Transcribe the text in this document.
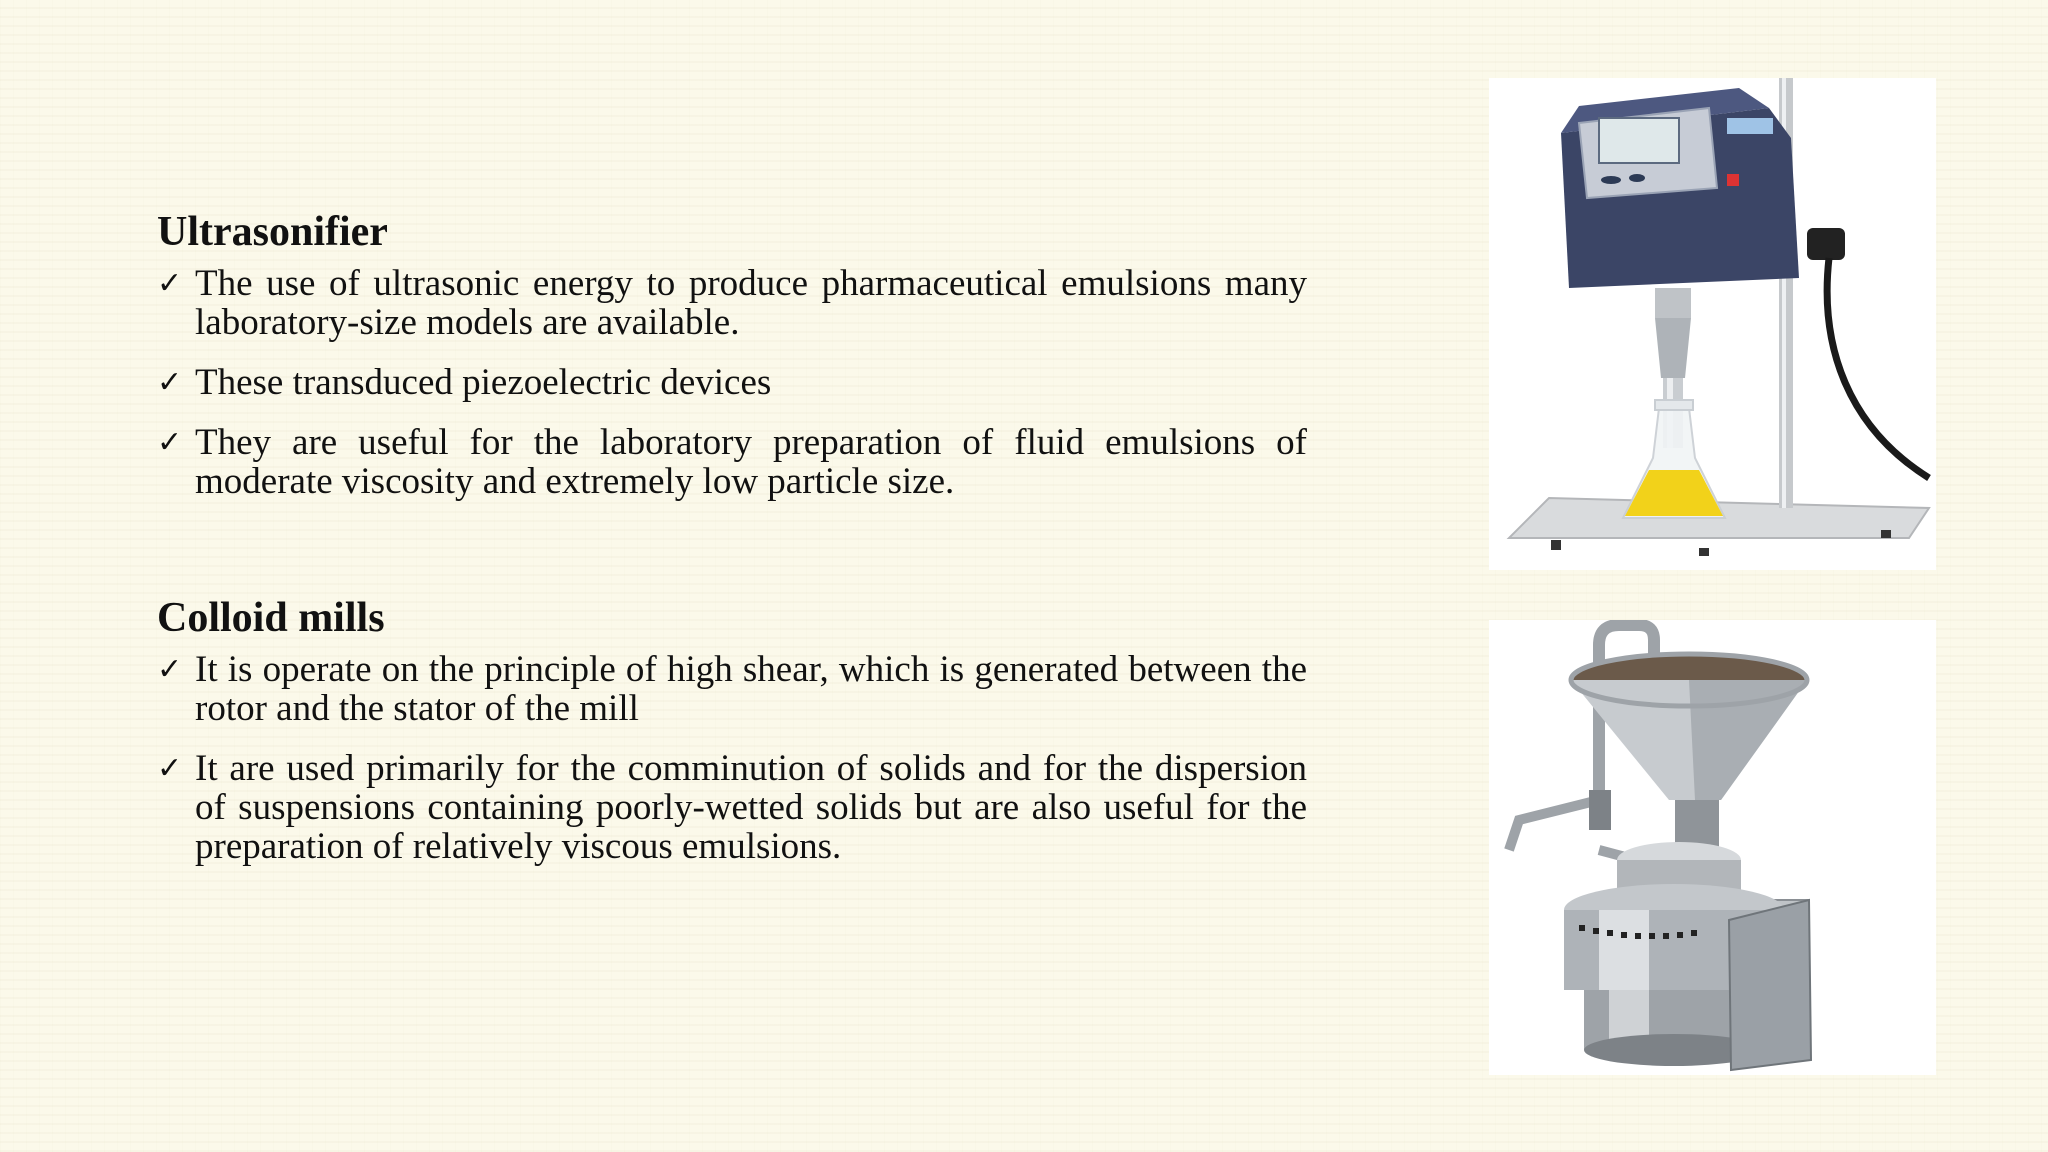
Ultrasonifier
✓ The use of ultrasonic energy to produce pharmaceutical emulsions many laboratory-size models are available.
✓ These transduced piezoelectric devices
✓ They are useful for the laboratory preparation of fluid emulsions of moderate viscosity and extremely low particle size.
Colloid mills
✓ It is operate on the principle of high shear, which is generated between the rotor and the stator of the mill
✓ It are used primarily for the comminution of solids and for the dispersion of suspensions containing poorly-wetted solids but are also useful for the preparation of relatively viscous emulsions.
